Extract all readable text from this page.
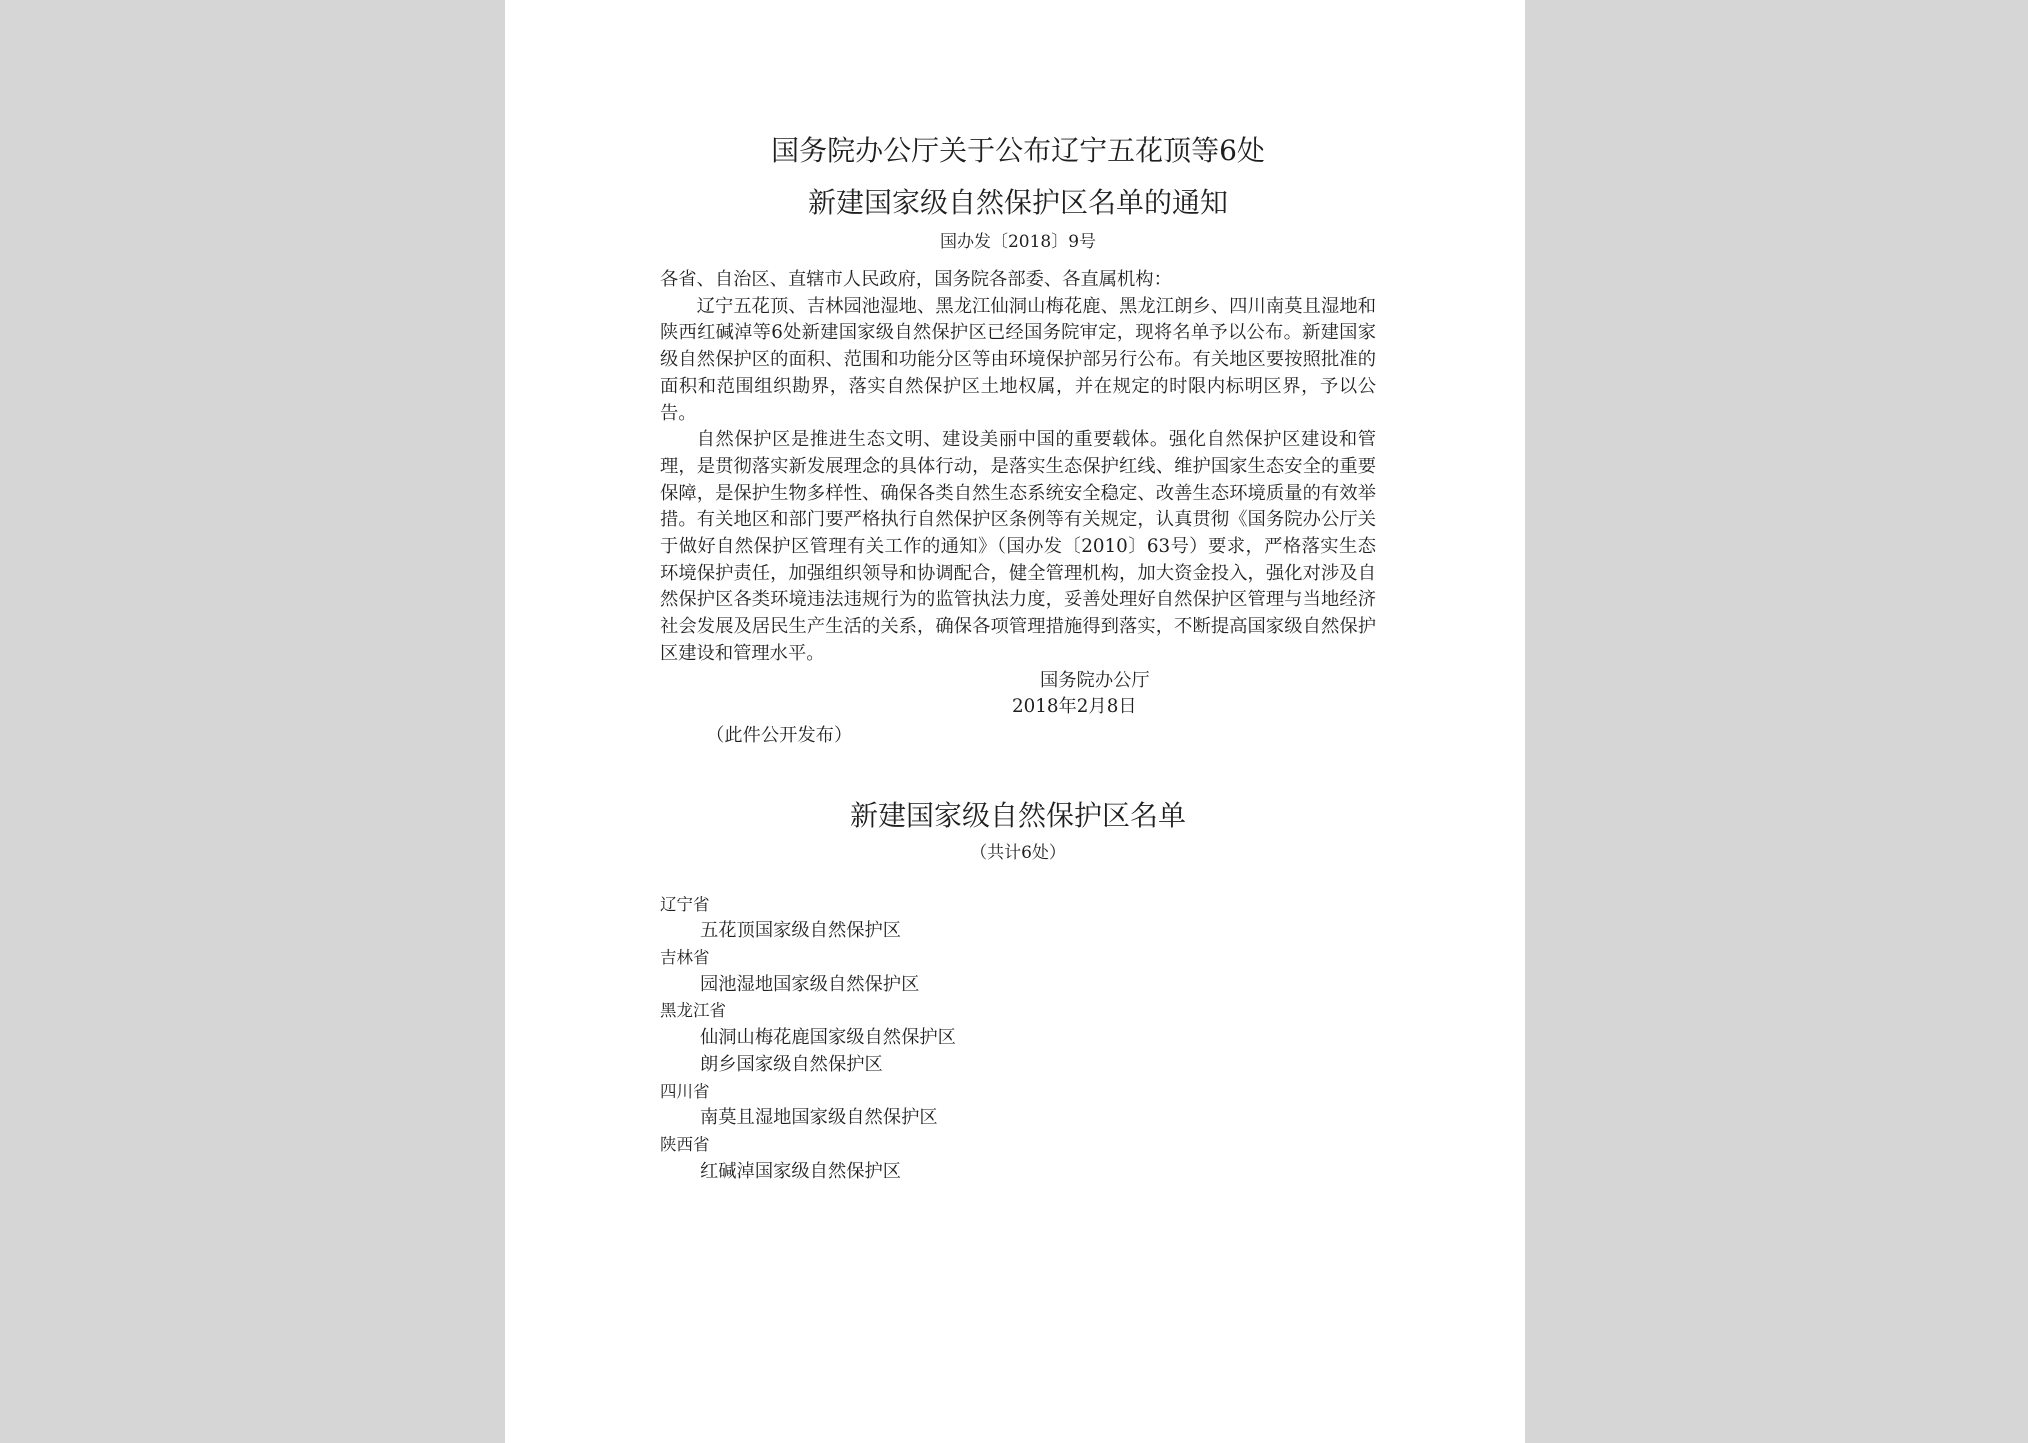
国务院办公厅关于公布辽宁五花顶等6处
新建国家级自然保护区名单的通知
国办发〔2018〕9号

各省、自治区、直辖市人民政府，国务院各部委、各直属机构：

辽宁五花顶、吉林园池湿地、黑龙江仙洞山梅花鹿、黑龙江朗乡、四川南莫且湿地和陕西红碱淖等6处新建国家级自然保护区已经国务院审定，现将名单予以公布。新建国家级自然保护区的面积、范围和功能分区等由环境保护部另行公布。有关地区要按照批准的面积和范围组织勘界，落实自然保护区土地权属，并在规定的时限内标明区界，予以公告。

自然保护区是推进生态文明、建设美丽中国的重要载体。强化自然保护区建设和管理，是贯彻落实新发展理念的具体行动，是落实生态保护红线、维护国家生态安全的重要保障，是保护生物多样性、确保各类自然生态系统安全稳定、改善生态环境质量的有效举措。有关地区和部门要严格执行自然保护区条例等有关规定，认真贯彻《国务院办公厅关于做好自然保护区管理有关工作的通知》（国办发〔2010〕63号）要求，严格落实生态环境保护责任，加强组织领导和协调配合，健全管理机构，加大资金投入，强化对涉及自然保护区各类环境违法违规行为的监管执法力度，妥善处理好自然保护区管理与当地经济社会发展及居民生产生活的关系，确保各项管理措施得到落实，不断提高国家级自然保护区建设和管理水平。

国务院办公厅
2018年2月8日
（此件公开发布）
新建国家级自然保护区名单
（共计6处）
辽宁省
五花顶国家级自然保护区
吉林省
园池湿地国家级自然保护区
黑龙江省
仙洞山梅花鹿国家级自然保护区
朗乡国家级自然保护区
四川省
南莫且湿地国家级自然保护区
陕西省
红碱淖国家级自然保护区
